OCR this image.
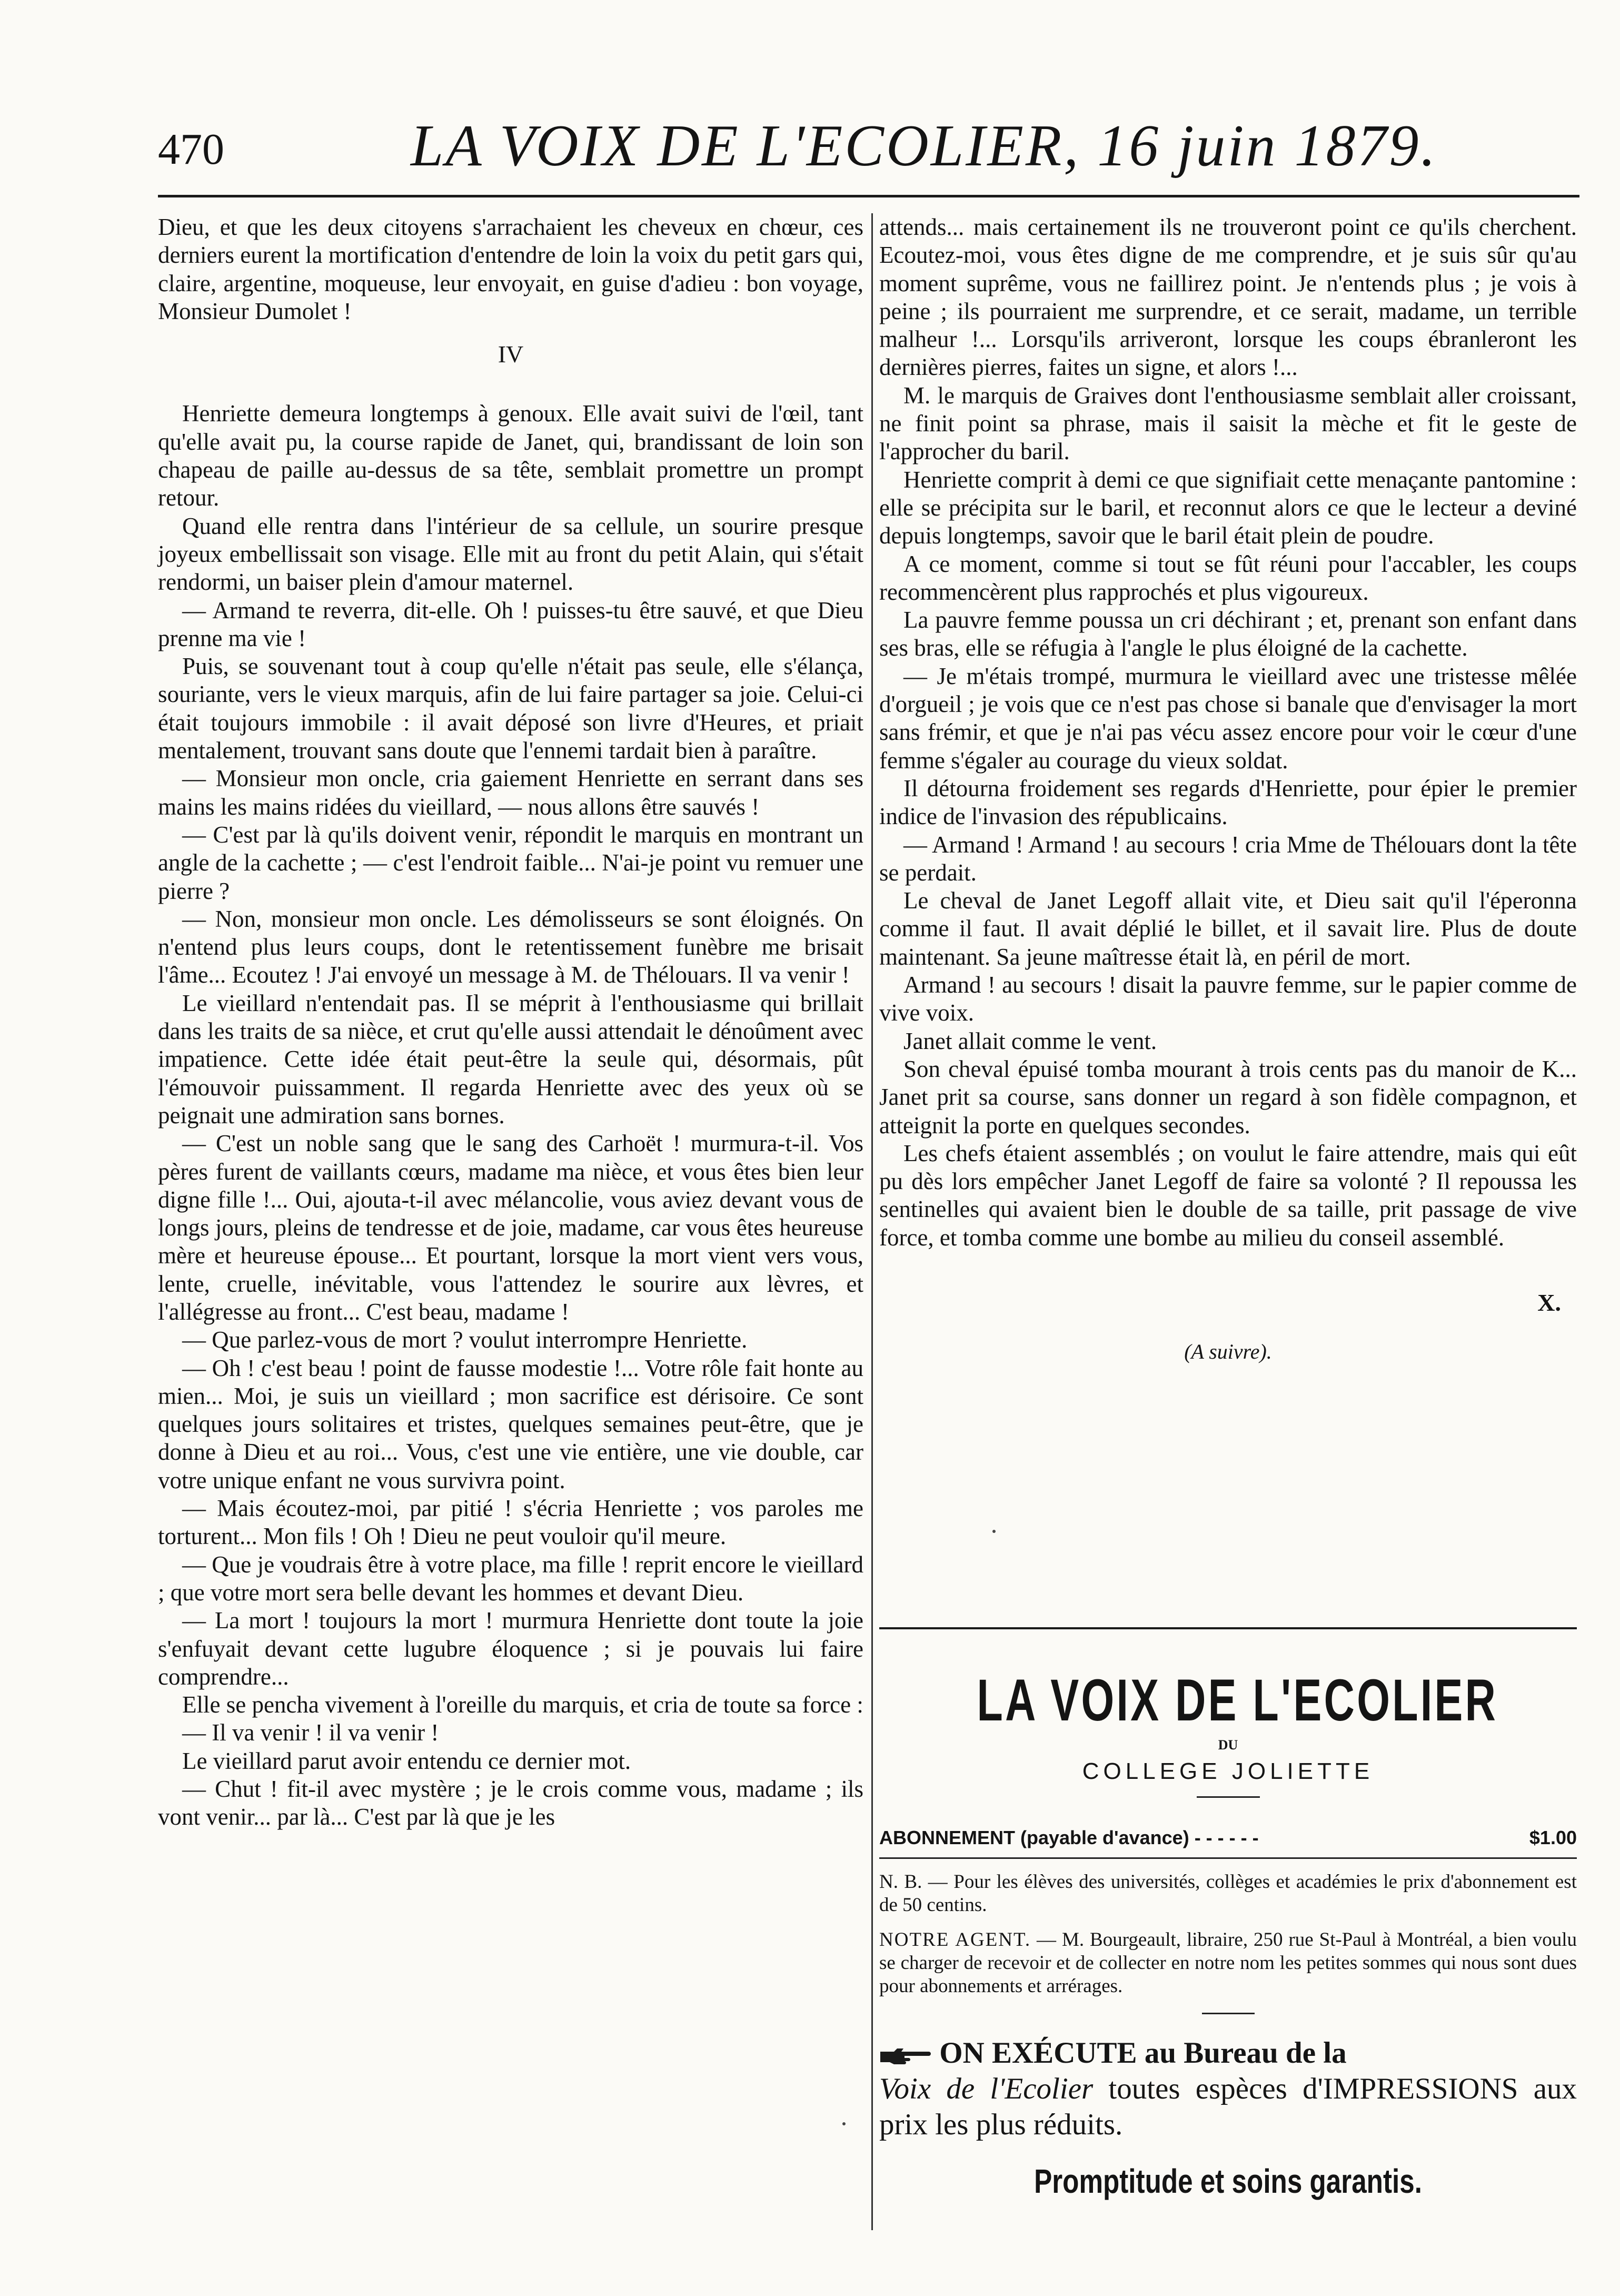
470	LA VOIX DE L'ECOLIER, 16 juin 1879.

Dieu, et que les deux citoyens s'arrachaient les cheveux en chœur, ces derniers eurent la mortification d'entendre de loin la voix du petit gars qui, claire, argentine, moqueuse, leur envoyait, en guise d'adieu : bon voyage, Monsieur Dumolet !

IV

Henriette demeura longtemps à genoux. Elle avait suivi de l'œil, tant qu'elle avait pu, la course rapide de Janet, qui, brandissant de loin son chapeau de paille au-dessus de sa tête, semblait promettre un prompt retour.

Quand elle rentra dans l'intérieur de sa cellule, un sourire presque joyeux embellissait son visage. Elle mit au front du petit Alain, qui s'était rendormi, un baiser plein d'amour maternel.

— Armand te reverra, dit-elle. Oh ! puisses-tu être sauvé, et que Dieu prenne ma vie !

Puis, se souvenant tout à coup qu'elle n'était pas seule, elle s'élança, souriante, vers le vieux marquis, afin de lui faire partager sa joie. Celui-ci était toujours immobile : il avait déposé son livre d'Heures, et priait mentalement, trouvant sans doute que l'ennemi tardait bien à paraître.

— Monsieur mon oncle, cria gaiement Henriette en serrant dans ses mains les mains ridées du vieillard, — nous allons être sauvés !

— C'est par là qu'ils doivent venir, répondit le marquis en montrant un angle de la cachette ; — c'est l'endroit faible... N'ai-je point vu remuer une pierre ?

— Non, monsieur mon oncle. Les démolisseurs se sont éloignés. On n'entend plus leurs coups, dont le retentissement funèbre me brisait l'âme... Ecoutez ! J'ai envoyé un message à M. de Thélouars. Il va venir !

Le vieillard n'entendait pas. Il se méprit à l'enthousiasme qui brillait dans les traits de sa nièce, et crut qu'elle aussi attendait le dénoûment avec impatience. Cette idée était peut-être la seule qui, désormais, pût l'émouvoir puissamment. Il regarda Henriette avec des yeux où se peignait une admiration sans bornes.

— C'est un noble sang que le sang des Carhoët ! murmura-t-il. Vos pères furent de vaillants cœurs, madame ma nièce, et vous êtes bien leur digne fille !... Oui, ajouta-t-il avec mélancolie, vous aviez devant vous de longs jours, pleins de tendresse et de joie, madame, car vous êtes heureuse mère et heureuse épouse... Et pourtant, lorsque la mort vient vers vous, lente, cruelle, inévitable, vous l'attendez le sourire aux lèvres, et l'allégresse au front... C'est beau, madame !

— Que parlez-vous de mort ? voulut interrompre Henriette.

— Oh ! c'est beau ! point de fausse modestie !... Votre rôle fait honte au mien... Moi, je suis un vieillard ; mon sacrifice est dérisoire. Ce sont quelques jours solitaires et tristes, quelques semaines peut-être, que je donne à Dieu et au roi... Vous, c'est une vie entière, une vie double, car votre unique enfant ne vous survivra point.

— Mais écoutez-moi, par pitié ! s'écria Henriette ; vos paroles me torturent... Mon fils ! Oh ! Dieu ne peut vouloir qu'il meure.

— Que je voudrais être à votre place, ma fille ! reprit encore le vieillard ; que votre mort sera belle devant les hommes et devant Dieu.

— La mort ! toujours la mort ! murmura Henriette dont toute la joie s'enfuyait devant cette lugubre éloquence ; si je pouvais lui faire comprendre...

Elle se pencha vivement à l'oreille du marquis, et cria de toute sa force :

— Il va venir ! il va venir !

Le vieillard parut avoir entendu ce dernier mot.

— Chut ! fit-il avec mystère ; je le crois comme vous, madame ; ils vont venir... par là... C'est par là que je les

attends... mais certainement ils ne trouveront point ce qu'ils cherchent. Ecoutez-moi, vous êtes digne de me comprendre, et je suis sûr qu'au moment suprême, vous ne faillirez point. Je n'entends plus ; je vois à peine ; ils pourraient me surprendre, et ce serait, madame, un terrible malheur !... Lorsqu'ils arriveront, lorsque les coups ébranleront les dernières pierres, faites un signe, et alors !...

M. le marquis de Graives dont l'enthousiasme semblait aller croissant, ne finit point sa phrase, mais il saisit la mèche et fit le geste de l'approcher du baril.

Henriette comprit à demi ce que signifiait cette menaçante pantomine : elle se précipita sur le baril, et reconnut alors ce que le lecteur a deviné depuis longtemps, savoir que le baril était plein de poudre.

A ce moment, comme si tout se fût réuni pour l'accabler, les coups recommencèrent plus rapprochés et plus vigoureux.

La pauvre femme poussa un cri déchirant ; et, prenant son enfant dans ses bras, elle se réfugia à l'angle le plus éloigné de la cachette.

— Je m'étais trompé, murmura le vieillard avec une tristesse mêlée d'orgueil ; je vois que ce n'est pas chose si banale que d'envisager la mort sans frémir, et que je n'ai pas vécu assez encore pour voir le cœur d'une femme s'égaler au courage du vieux soldat.

Il détourna froidement ses regards d'Henriette, pour épier le premier indice de l'invasion des républicains.

— Armand ! Armand ! au secours ! cria Mme de Thélouars dont la tête se perdait.

Le cheval de Janet Legoff allait vite, et Dieu sait qu'il l'éperonna comme il faut. Il avait déplié le billet, et il savait lire. Plus de doute maintenant. Sa jeune maîtresse était là, en péril de mort.

Armand ! au secours ! disait la pauvre femme, sur le papier comme de vive voix.

Janet allait comme le vent.

Son cheval épuisé tomba mourant à trois cents pas du manoir de K... Janet prit sa course, sans donner un regard à son fidèle compagnon, et atteignit la porte en quelques secondes.

Les chefs étaient assemblés ; on voulut le faire attendre, mais qui eût pu dès lors empêcher Janet Legoff de faire sa volonté ? Il repoussa les sentinelles qui avaient bien le double de sa taille, prit passage de vive force, et tomba comme une bombe au milieu du conseil assemblé.

X.
(A suivre).
LA VOIX DE L'ECOLIER
DU
COLLEGE JOLIETTE
ABONNEMENT (payable d'avance) - - - - - -	$1.00
N. B. — Pour les élèves des universités, collèges et académies le prix d'abonnement est de 50 centins.
NOTRE AGENT. — M. Bourgeault, libraire, 250 rue St-Paul à Montréal, a bien voulu se charger de recevoir et de collecter en notre nom les petites sommes qui nous sont dues pour abonnements et arrérages.
ON EXÉCUTE au Bureau de la
Voix de l'Ecolier toutes espèces d'IMPRESSIONS aux prix les plus réduits.
Promptitude et soins garantis.
